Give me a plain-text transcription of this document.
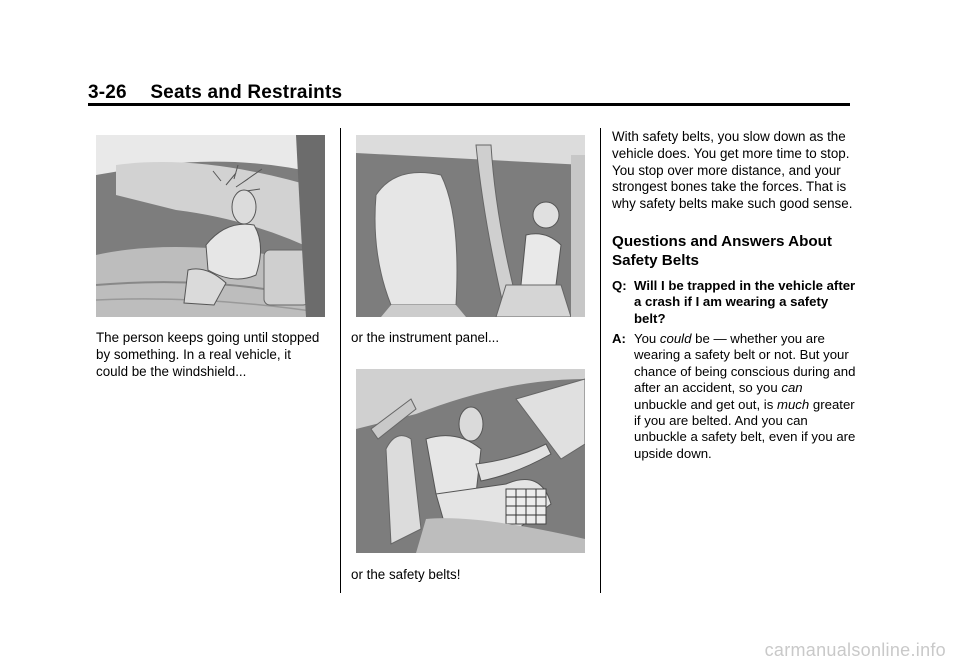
3-26 Seats and Restraints

The person keeps going until stopped by something. In a real vehicle, it could be the windshield...

or the instrument panel...

or the safety belts!

With safety belts, you slow down as the vehicle does. You get more time to stop. You stop over more distance, and your strongest bones take the forces. That is why safety belts make such good sense.

Questions and Answers About Safety Belts
Q: Will I be trapped in the vehicle after a crash if I am wearing a safety belt?
A: You could be — whether you are wearing a safety belt or not. But your chance of being conscious during and after an accident, so you can unbuckle and get out, is much greater if you are belted. And you can unbuckle a safety belt, even if you are upside down.
carmanualsonline.info
